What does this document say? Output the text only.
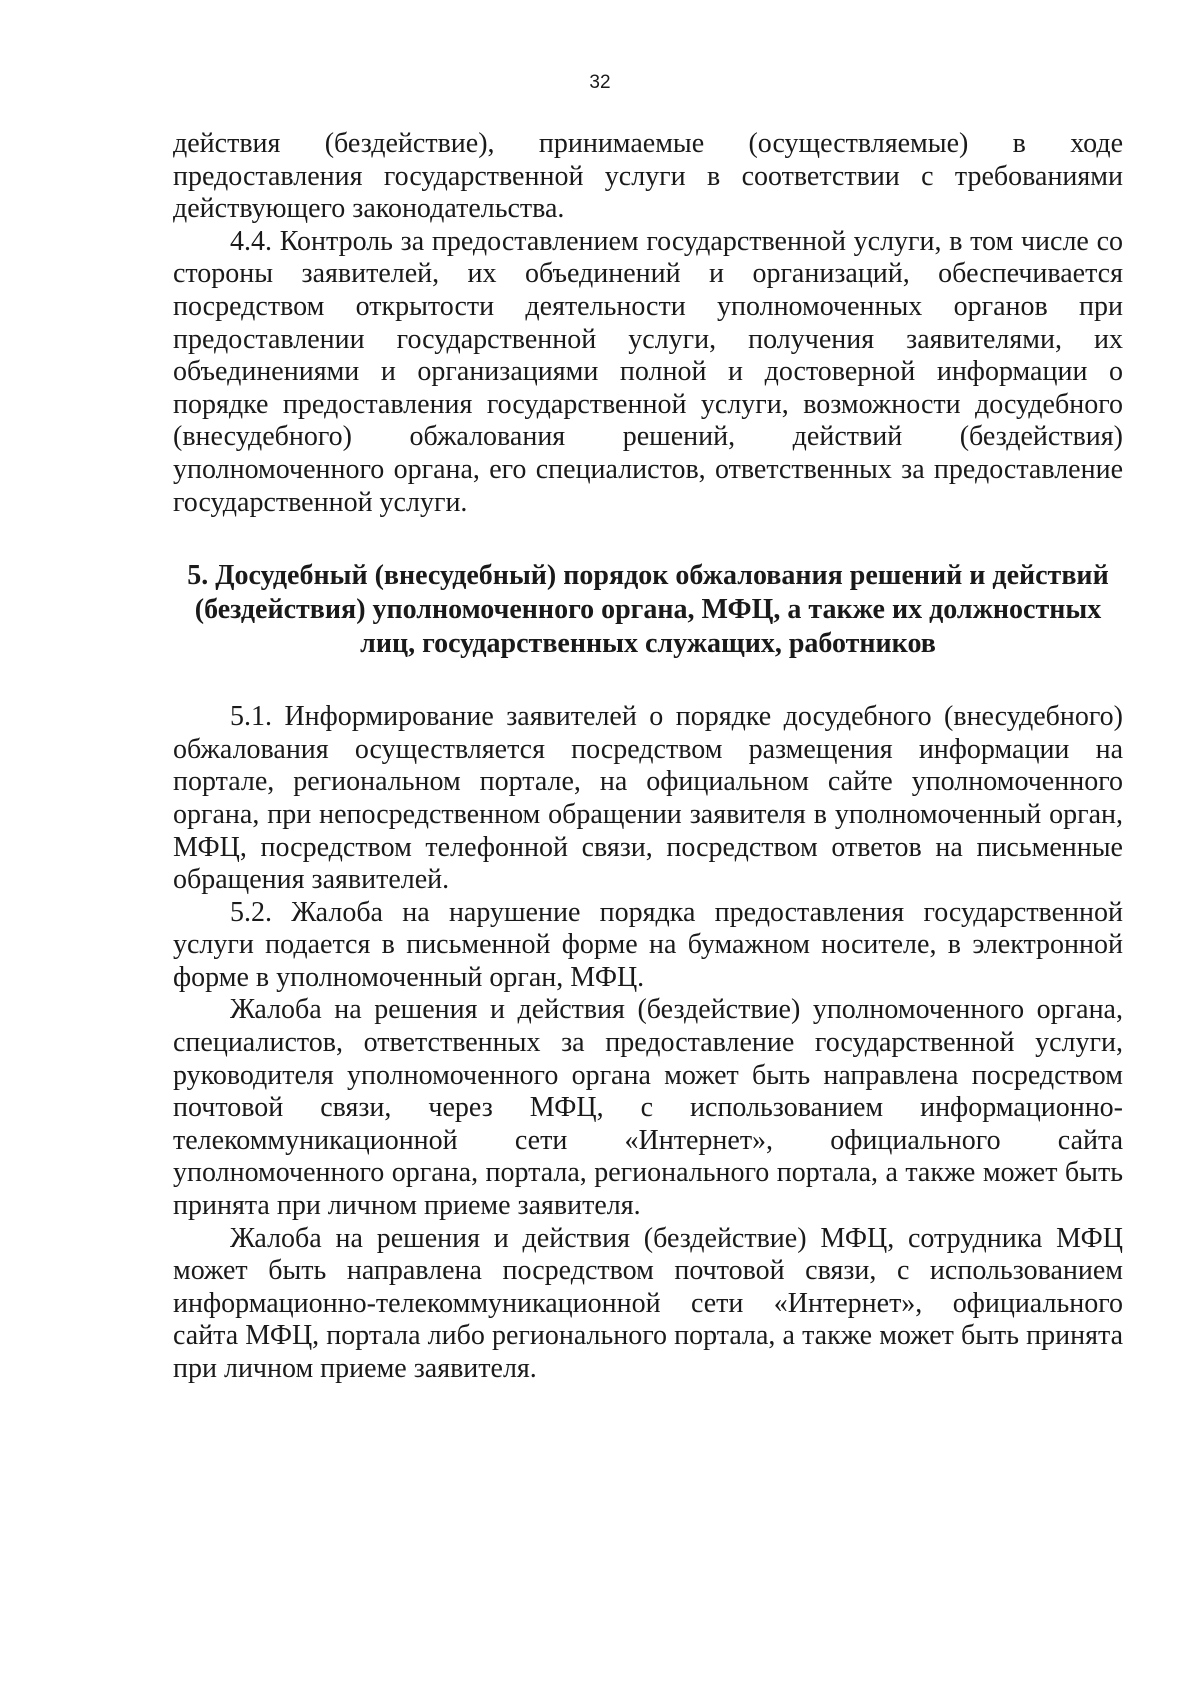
32

действия (бездействие), принимаемые (осуществляемые) в ходе предоставления государственной услуги в соответствии с требованиями действующего законодательства.

4.4. Контроль за предоставлением государственной услуги, в том числе со стороны заявителей, их объединений и организаций, обеспечивается посредством открытости деятельности уполномоченных органов при предоставлении государственной услуги, получения заявителями, их объединениями и организациями полной и достоверной информации о порядке предоставления государственной услуги, возможности досудебного (внесудебного) обжалования решений, действий (бездействия) уполномоченного органа, его специалистов, ответственных за предоставление государственной услуги.

5. Досудебный (внесудебный) порядок обжалования решений и действий (бездействия) уполномоченного органа, МФЦ, а также их должностных лиц, государственных служащих, работников

5.1. Информирование заявителей о порядке досудебного (внесудебного) обжалования осуществляется посредством размещения информации на портале, региональном портале, на официальном сайте уполномоченного органа, при непосредственном обращении заявителя в уполномоченный орган, МФЦ, посредством телефонной связи, посредством ответов на письменные обращения заявителей.

5.2. Жалоба на нарушение порядка предоставления государственной услуги подается в письменной форме на бумажном носителе, в электронной форме в уполномоченный орган, МФЦ.

Жалоба на решения и действия (бездействие) уполномоченного органа, специалистов, ответственных за предоставление государственной услуги, руководителя уполномоченного органа может быть направлена посредством почтовой связи, через МФЦ, с использованием информационно-телекоммуникационной сети «Интернет», официального сайта уполномоченного органа, портала, регионального портала, а также может быть принята при личном приеме заявителя.

Жалоба на решения и действия (бездействие) МФЦ, сотрудника МФЦ может быть направлена посредством почтовой связи, с использованием информационно-телекоммуникационной сети «Интернет», официального сайта МФЦ, портала либо регионального портала, а также может быть принята при личном приеме заявителя.
